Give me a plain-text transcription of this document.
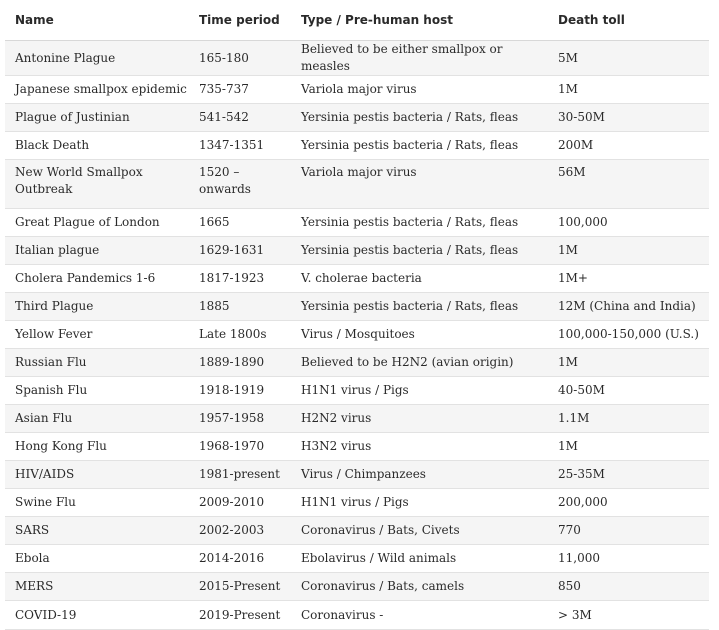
Name	Time period	Type / Pre-human host	Death toll
Antonine Plague	165-180	Believed to be either smallpox or measles	5M
Japanese smallpox epidemic	735-737	Variola major virus	1M
Plague of Justinian	541-542	Yersinia pestis bacteria / Rats, fleas	30-50M
Black Death	1347-1351	Yersinia pestis bacteria / Rats, fleas	200M
New World Smallpox Outbreak	1520 – onwards	Variola major virus	56M
Great Plague of London	1665	Yersinia pestis bacteria / Rats, fleas	100,000
Italian plague	1629-1631	Yersinia pestis bacteria / Rats, fleas	1M
Cholera Pandemics 1-6	1817-1923	V. cholerae bacteria	1M+
Third Plague	1885	Yersinia pestis bacteria / Rats, fleas	12M (China and India)
Yellow Fever	Late 1800s	Virus / Mosquitoes	100,000-150,000 (U.S.)
Russian Flu	1889-1890	Believed to be H2N2 (avian origin)	1M
Spanish Flu	1918-1919	H1N1 virus / Pigs	40-50M
Asian Flu	1957-1958	H2N2 virus	1.1M
Hong Kong Flu	1968-1970	H3N2 virus	1M
HIV/AIDS	1981-present	Virus / Chimpanzees	25-35M
Swine Flu	2009-2010	H1N1 virus / Pigs	200,000
SARS	2002-2003	Coronavirus / Bats, Civets	770
Ebola	2014-2016	Ebolavirus / Wild animals	11,000
MERS	2015-Present	Coronavirus / Bats, camels	850
COVID-19	2019-Present	Coronavirus -	> 3M
